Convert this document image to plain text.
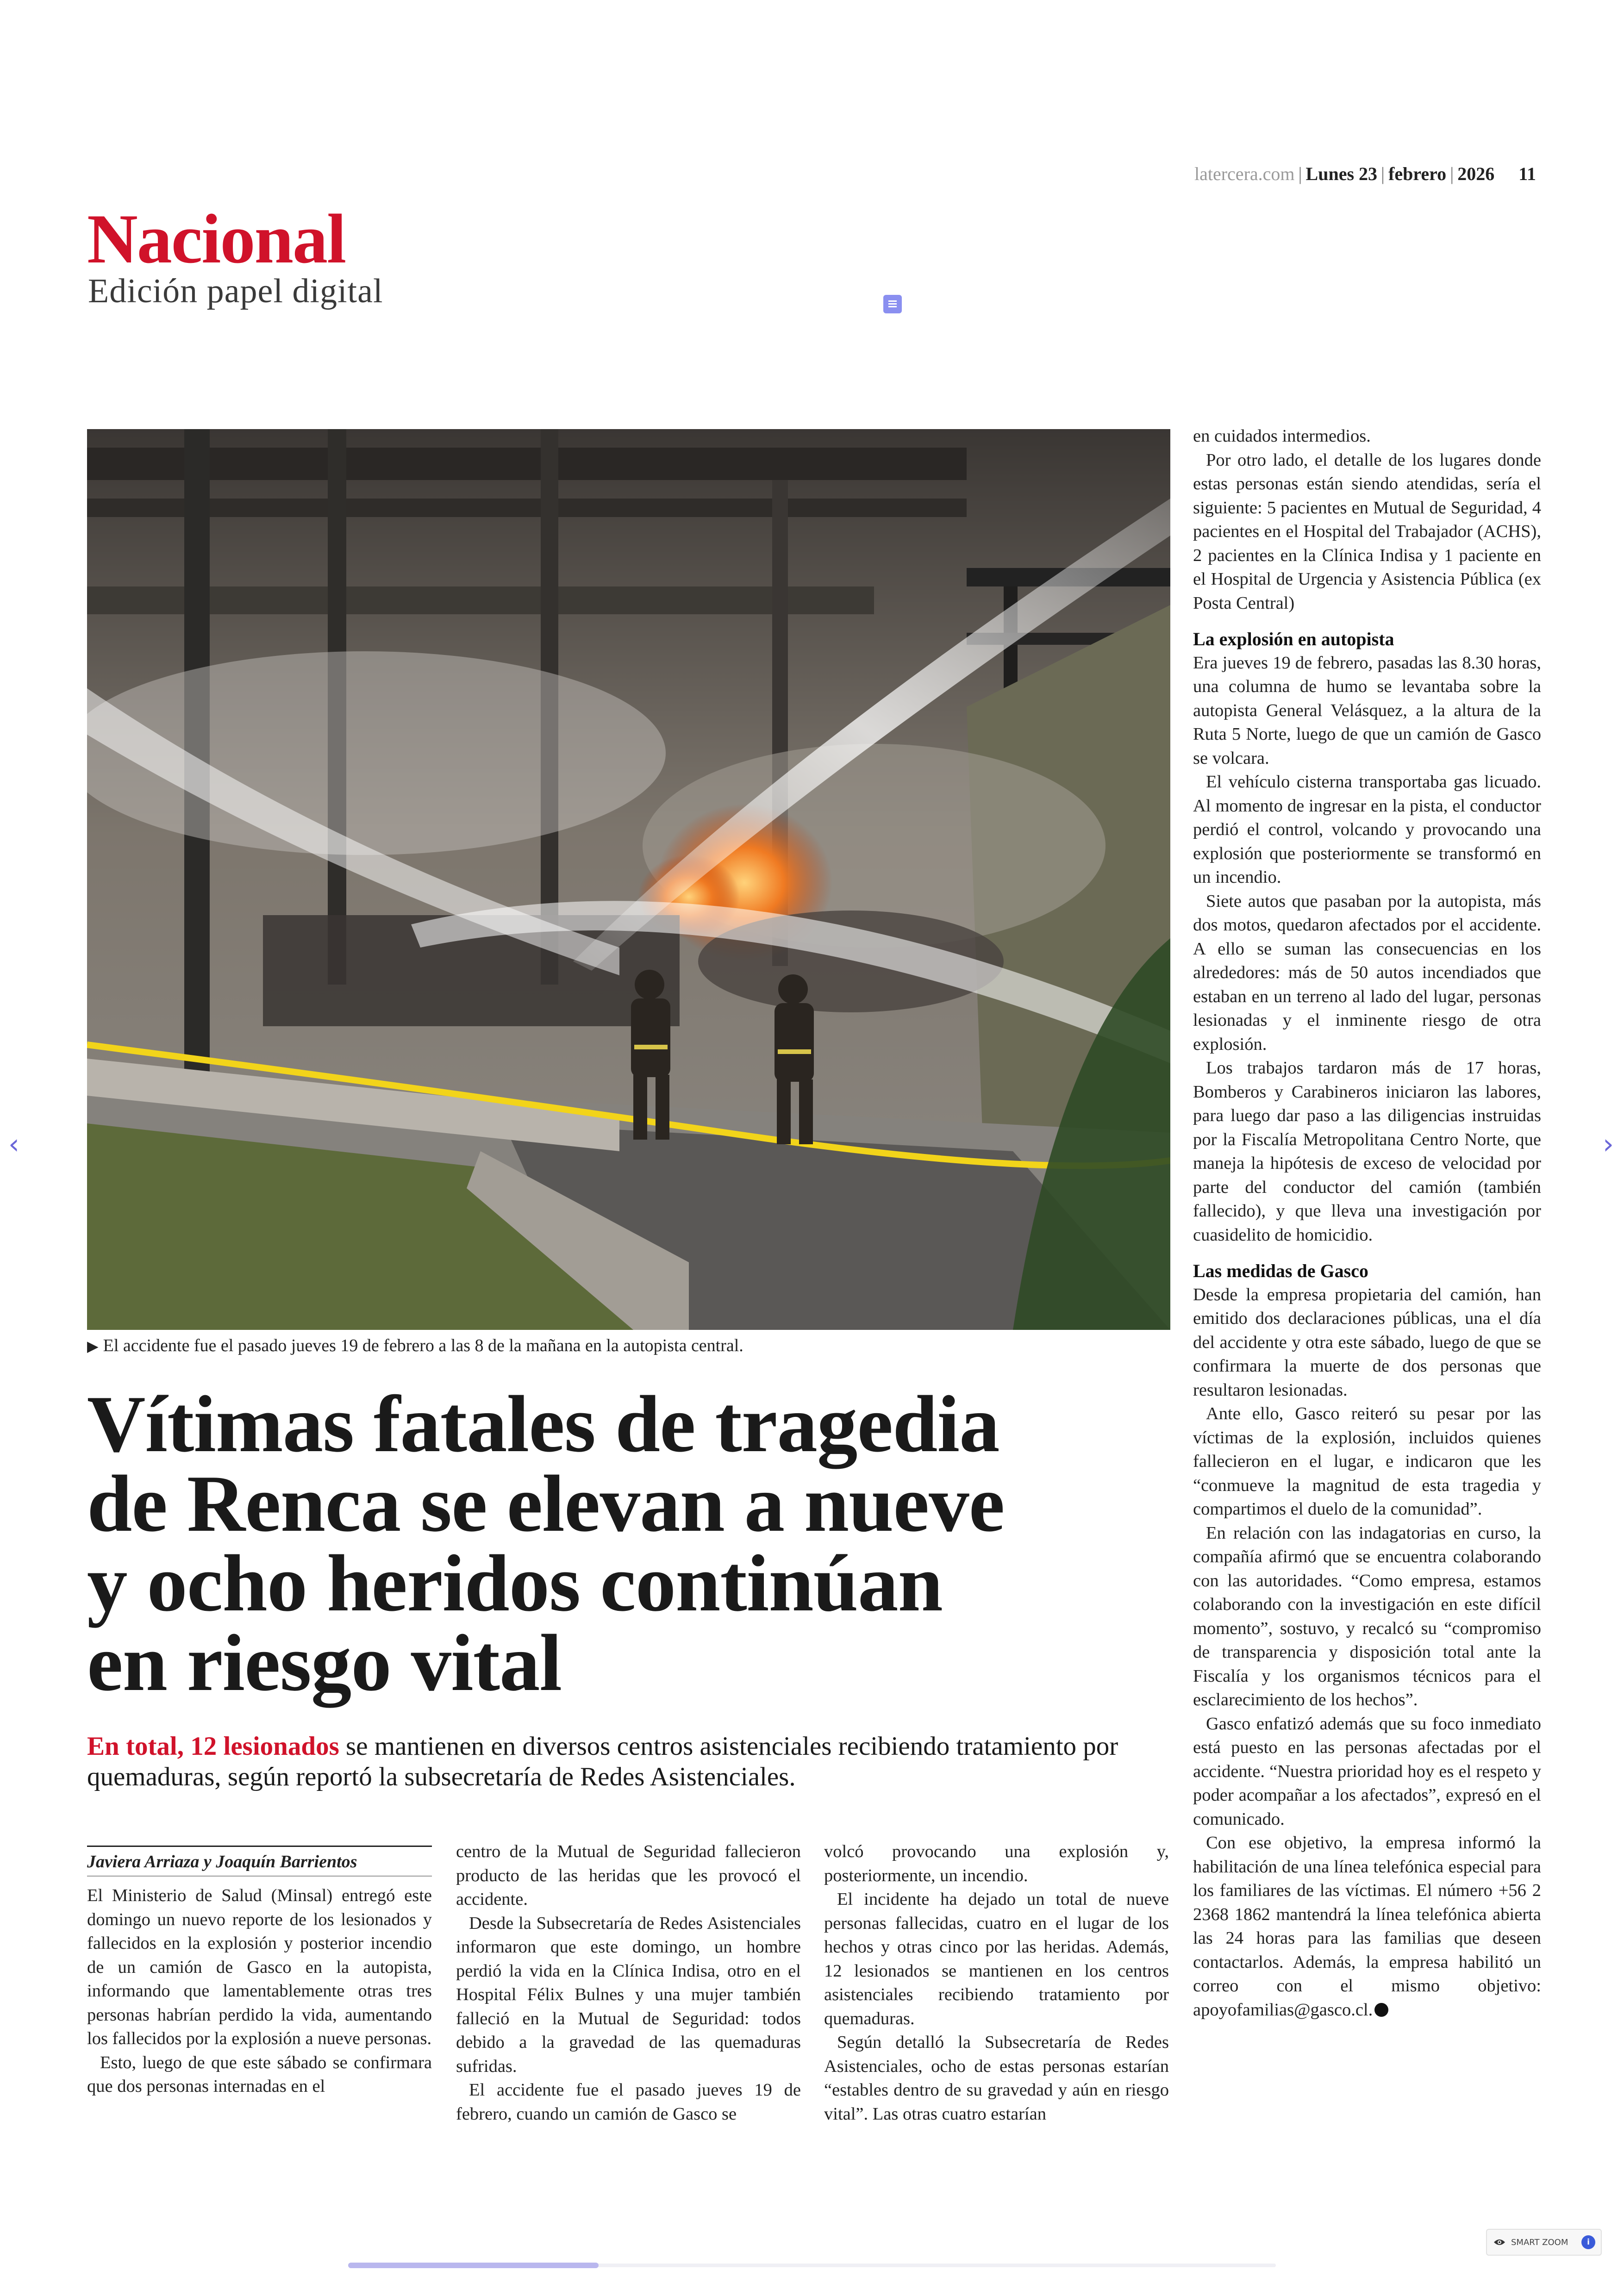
latercera.com | Lunes 23 | febrero | 2026 11
Nacional
Edición papel digital
▶ El accidente fue el pasado jueves 19 de febrero a las 8 de la mañana en la autopista central.
Vítimas fatales de tragedia
de Renca se elevan a nueve
y ocho heridos continúan
en riesgo vital
En total, 12 lesionados se mantienen en diversos centros asistenciales recibiendo tratamiento por quemaduras, según reportó la subsecretaría de Redes Asistenciales.
Javiera Arriaza y Joaquín Barrientos

El Ministerio de Salud (Minsal) entregó este domingo un nuevo reporte de los lesionados y fallecidos en la explosión y posterior incendio de un camión de Gasco en la autopista, informando que lamentablemente otras tres personas habrían perdido la vida, aumentando los fallecidos por la explosión a nueve personas.

Esto, luego de que este sábado se confirmara que dos personas internadas en el

centro de la Mutual de Seguridad fallecieron producto de las heridas que les provocó el accidente.

Desde la Subsecretaría de Redes Asistenciales informaron que este domingo, un hombre perdió la vida en la Clínica Indisa, otro en el Hospital Félix Bulnes y una mujer también falleció en la Mutual de Seguridad: todos debido a la gravedad de las quemaduras sufridas.

El accidente fue el pasado jueves 19 de febrero, cuando un camión de Gasco se

volcó provocando una explosión y, posteriormente, un incendio.

El incidente ha dejado un total de nueve personas fallecidas, cuatro en el lugar de los hechos y otras cinco por las heridas. Además, 12 lesionados se mantienen en los centros asistenciales recibiendo tratamiento por quemaduras.

Según detalló la Subsecretaría de Redes Asistenciales, ocho de estas personas estarían “estables dentro de su gravedad y aún en riesgo vital”. Las otras cuatro estarían

en cuidados intermedios.

Por otro lado, el detalle de los lugares donde estas personas están siendo atendidas, sería el siguiente: 5 pacientes en Mutual de Seguridad, 4 pacientes en el Hospital del Trabajador (ACHS), 2 pacientes en la Clínica Indisa y 1 paciente en el Hospital de Urgencia y Asistencia Pública (ex Posta Central)

La explosión en autopista

Era jueves 19 de febrero, pasadas las 8.30 horas, una columna de humo se levantaba sobre la autopista General Velásquez, a la altura de la Ruta 5 Norte, luego de que un camión de Gasco se volcara.

El vehículo cisterna transportaba gas licuado. Al momento de ingresar en la pista, el conductor perdió el control, volcando y provocando una explosión que posteriormente se transformó en un incendio.

Siete autos que pasaban por la autopista, más dos motos, quedaron afectados por el accidente. A ello se suman las consecuencias en los alrededores: más de 50 autos incendiados que estaban en un terreno al lado del lugar, personas lesionadas y el inminente riesgo de otra explosión.

Los trabajos tardaron más de 17 horas, Bomberos y Carabineros iniciaron las labores, para luego dar paso a las diligencias instruidas por la Fiscalía Metropolitana Centro Norte, que maneja la hipótesis de exceso de velocidad por parte del conductor del camión (también fallecido), y que lleva una investigación por cuasidelito de homicidio.

Las medidas de Gasco

Desde la empresa propietaria del camión, han emitido dos declaraciones públicas, una el día del accidente y otra este sábado, luego de que se confirmara la muerte de dos personas que resultaron lesionadas.

Ante ello, Gasco reiteró su pesar por las víctimas de la explosión, incluidos quienes fallecieron en el lugar, e indicaron que les “conmueve la magnitud de esta tragedia y compartimos el duelo de la comunidad”.

En relación con las indagatorias en curso, la compañía afirmó que se encuentra colaborando con las autoridades. “Como empresa, estamos colaborando con la investigación en este difícil momento”, sostuvo, y recalcó su “compromiso de transparencia y disposición total ante la Fiscalía y los organismos técnicos para el esclarecimiento de los hechos”.

Gasco enfatizó además que su foco inmediato está puesto en las personas afectadas por el accidente. “Nuestra prioridad hoy es el respeto y poder acompañar a los afectados”, expresó en el comunicado.

Con ese objetivo, la empresa informó la habilitación de una línea telefónica especial para los familiares de las víctimas. El número +56 2 2368 1862 mantendrá la línea telefónica abierta las 24 horas para las familias que deseen contactarlos. Además, la empresa habilitó un correo con el mismo objetivo: apoyofamilias@gasco.cl.

‹	›
SMART ZOOM	i
